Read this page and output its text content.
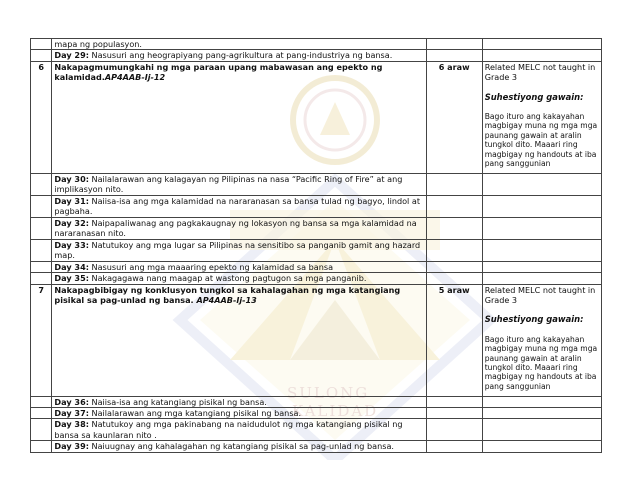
SULONG
KALIDAD
	mapa ng populasyon.		
	Day 29: Nasusuri ang heograpiyang pang-agrikultura at pang-industriya ng bansa.		
6	Nakapagmumungkahi ng mga paraan upang mabawasan ang epekto ng kalamidad.AP4AAB-Ij-12	6 araw	Related MELC not taught in Grade 3
Suhestiyong gawain:
Bago ituro ang kakayahan magbigay muna ng mga mga paunang gawain at aralin tungkol dito. Maaari ring magbigay ng handouts at iba pang sanggunian

	Day 30: Nailalarawan ang kalagayan ng Pilipinas na nasa “Pacific Ring of Fire” at ang implikasyon nito.		
	Day 31: Naiisa-isa ang mga kalamidad na nararanasan sa bansa tulad ng bagyo, lindol at pagbaha.		
	Day 32: Naipapaliwanag ang pagkakaugnay ng lokasyon ng bansa sa mga kalamidad na nararanasan nito.		
	Day 33: Natutukoy ang mga lugar sa Pilipinas na sensitibo sa panganib gamit ang hazard map.		
	Day 34: Nasusuri ang mga maaaring epekto ng kalamidad sa bansa		
	Day 35: Nakagagawa nang maagap at wastong pagtugon sa mga panganib.		
7	Nakapagbibigay ng konklusyon tungkol sa kahalagahan ng mga katangiang pisikal sa pag-unlad ng bansa. AP4AAB-Ij-13	5 araw	Related MELC not taught in Grade 3
Suhestiyong gawain:
Bago ituro ang kakayahan magbigay muna ng mga mga paunang gawain at aralin tungkol dito. Maaari ring magbigay ng handouts at iba pang sanggunian

	Day 36: Naiisa-isa ang katangiang pisikal ng bansa.		
	Day 37: Nailalarawan ang mga katangiang pisikal ng bansa.		
	Day 38: Natutukoy ang mga pakinabang na naidudulot ng mga katangiang pisikal ng bansa sa kaunlaran nito .		
	Day 39: Naiuugnay ang kahalagahan ng katangiang pisikal sa pag-unlad ng bansa.		
